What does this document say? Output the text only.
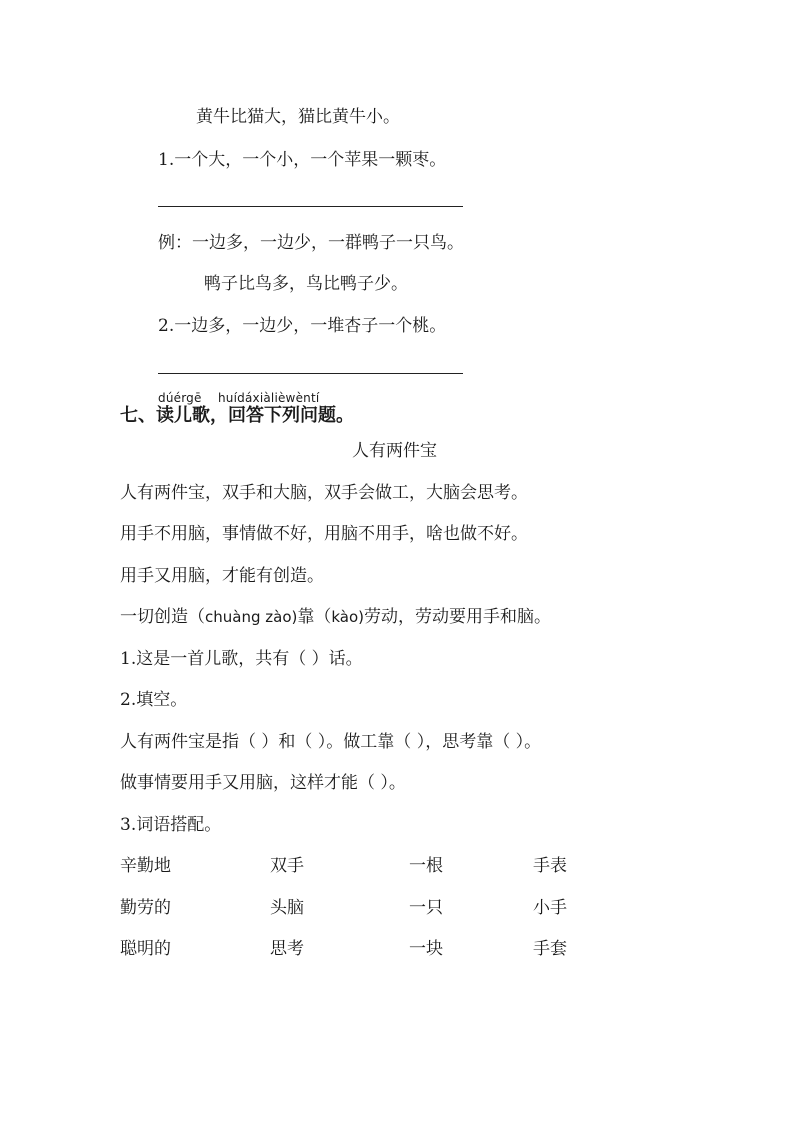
黄牛比猫大，猫比黄牛小。
1.一个大，一个小，一个苹果一颗枣。
例：一边多，一边少，一群鸭子一只鸟。
鸭子比鸟多，鸟比鸭子少。
2.一边多，一边少，一堆杏子一个桃。
dúérgē huídáxiàlièwèntí
七、读儿歌，回答下列问题。
人有两件宝
人有两件宝，双手和大脑，双手会做工，大脑会思考。
用手不用脑，事情做不好，用脑不用手，啥也做不好。
用手又用脑，才能有创造。
一切创造（chuàng zào)靠（kào)劳动，劳动要用手和脑。
1.这是一首儿歌，共有（ ）话。
2.填空。
人有两件宝是指（ ）和（ ）。做工靠（ ），思考靠（ ）。
做事情要用手又用脑，这样才能（ ）。
3.词语搭配。
辛勤地	双手	一根	手表
勤劳的	头脑	一只	小手
聪明的	思考	一块	手套
